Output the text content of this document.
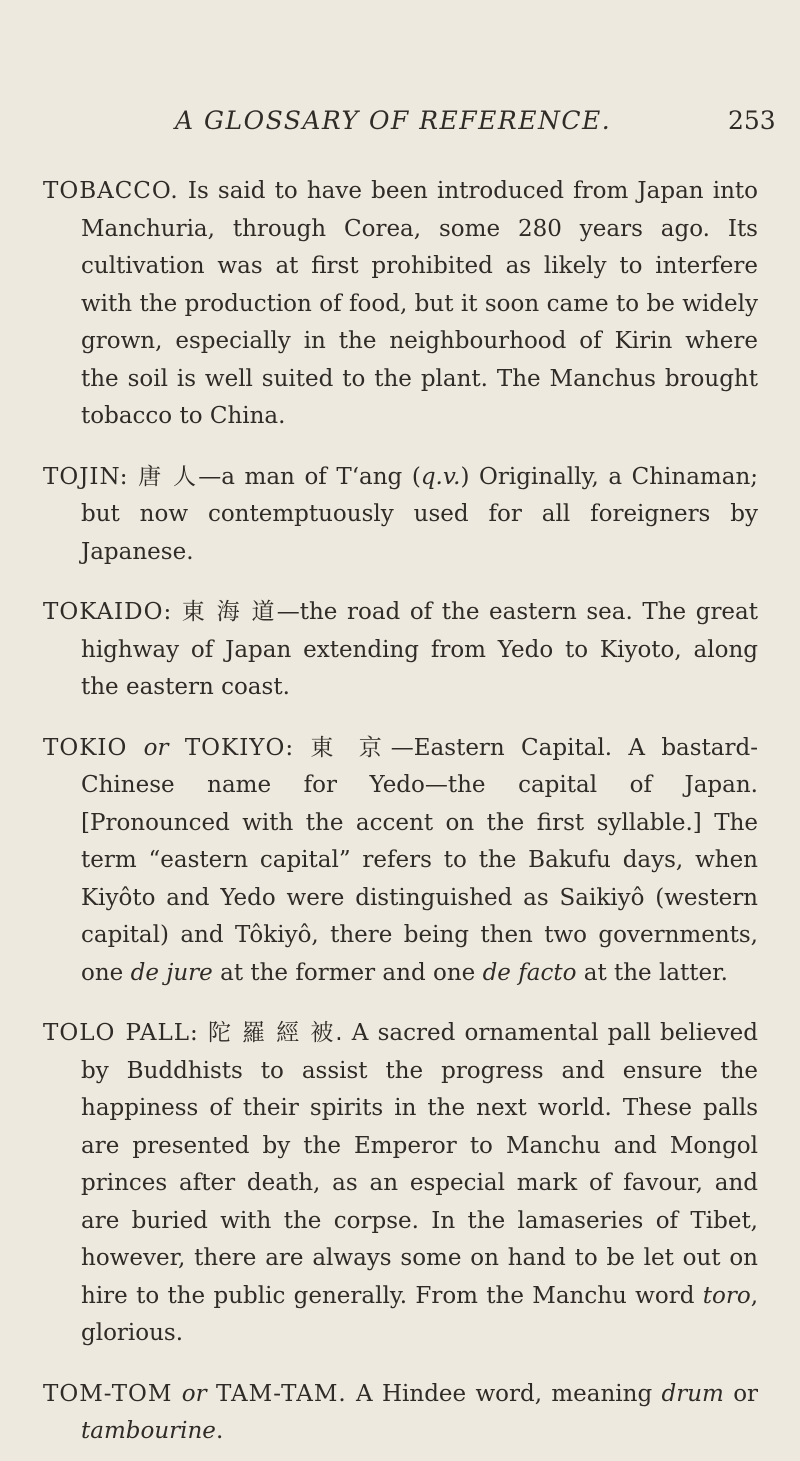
A GLOSSARY OF REFERENCE.	253

TOBACCO. Is said to have been introduced from Japan into Manchuria, through Corea, some 280 years ago. Its cultivation was at first prohibited as likely to interfere with the production of food, but it soon came to be widely grown, especially in the neighbourhood of Kirin where the soil is well suited to the plant. The Manchus brought tobacco to China.

TOJIN: 唐 人—a man of T‘ang (q.v.) Originally, a Chinaman; but now contemptuously used for all foreigners by Japanese.

TOKAIDO: 東 海 道—the road of the eastern sea. The great highway of Japan extending from Yedo to Kiyoto, along the eastern coast.

TOKIO or TOKIYO: 東 京—Eastern Capital. A bastard-Chinese name for Yedo—the capital of Japan. [Pronounced with the accent on the first syllable.] The term “eastern capital” refers to the Bakufu days, when Kiyôto and Yedo were distinguished as Saikiyô (western capital) and Tôkiyô, there being then two governments, one de jure at the former and one de facto at the latter.

TOLO PALL: 陀 羅 經 被. A sacred ornamental pall believed by Buddhists to assist the progress and ensure the happiness of their spirits in the next world. These palls are presented by the Emperor to Manchu and Mongol princes after death, as an especial mark of favour, and are buried with the corpse. In the lamaseries of Tibet, however, there are always some on hand to be let out on hire to the public generally. From the Manchu word toro, glorious.

TOM-TOM or TAM-TAM. A Hindee word, meaning drum or tambourine.
